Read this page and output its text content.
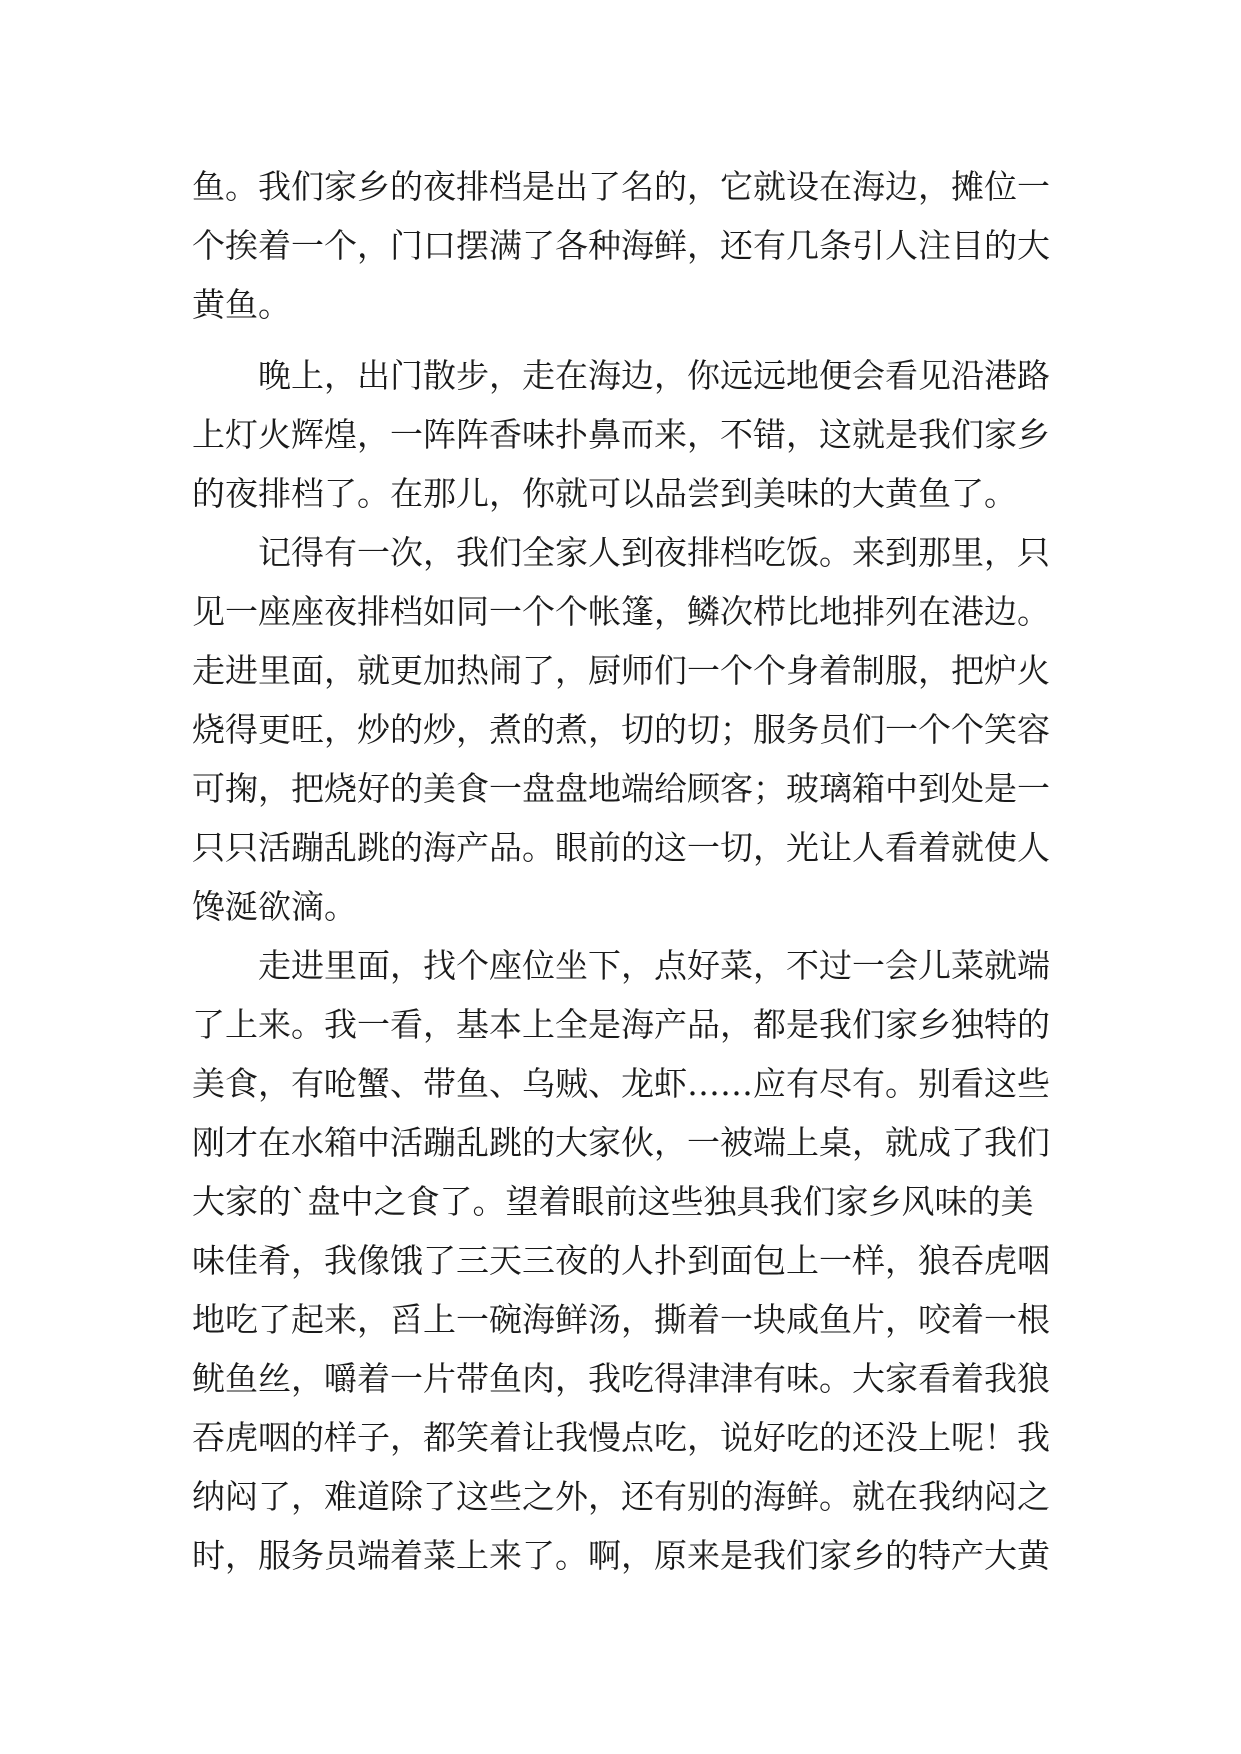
鱼。我们家乡的夜排档是出了名的，它就设在海边，摊位一
个挨着一个，门口摆满了各种海鲜，还有几条引人注目的大
黄鱼。
　　晚上，出门散步，走在海边，你远远地便会看见沿港路
上灯火辉煌，一阵阵香味扑鼻而来，不错，这就是我们家乡
的夜排档了。在那儿，你就可以品尝到美味的大黄鱼了。
　　记得有一次，我们全家人到夜排档吃饭。来到那里，只
见一座座夜排档如同一个个帐篷，鳞次栉比地排列在港边。
走进里面，就更加热闹了，厨师们一个个身着制服，把炉火
烧得更旺，炒的炒，煮的煮，切的切；服务员们一个个笑容
可掬，把烧好的美食一盘盘地端给顾客；玻璃箱中到处是一
只只活蹦乱跳的海产品。眼前的这一切，光让人看着就使人
馋涎欲滴。
　　走进里面，找个座位坐下，点好菜，不过一会儿菜就端
了上来。我一看，基本上全是海产品，都是我们家乡独特的
美食，有呛蟹、带鱼、乌贼、龙虾……应有尽有。别看这些
刚才在水箱中活蹦乱跳的大家伙，一被端上桌，就成了我们
大家的`盘中之食了。望着眼前这些独具我们家乡风味的美
味佳肴，我像饿了三天三夜的人扑到面包上一样，狼吞虎咽
地吃了起来，舀上一碗海鲜汤，撕着一块咸鱼片，咬着一根
鱿鱼丝，嚼着一片带鱼肉，我吃得津津有味。大家看着我狼
吞虎咽的样子，都笑着让我慢点吃，说好吃的还没上呢！我
纳闷了，难道除了这些之外，还有别的海鲜。就在我纳闷之
时，服务员端着菜上来了。啊，原来是我们家乡的特产大黄
